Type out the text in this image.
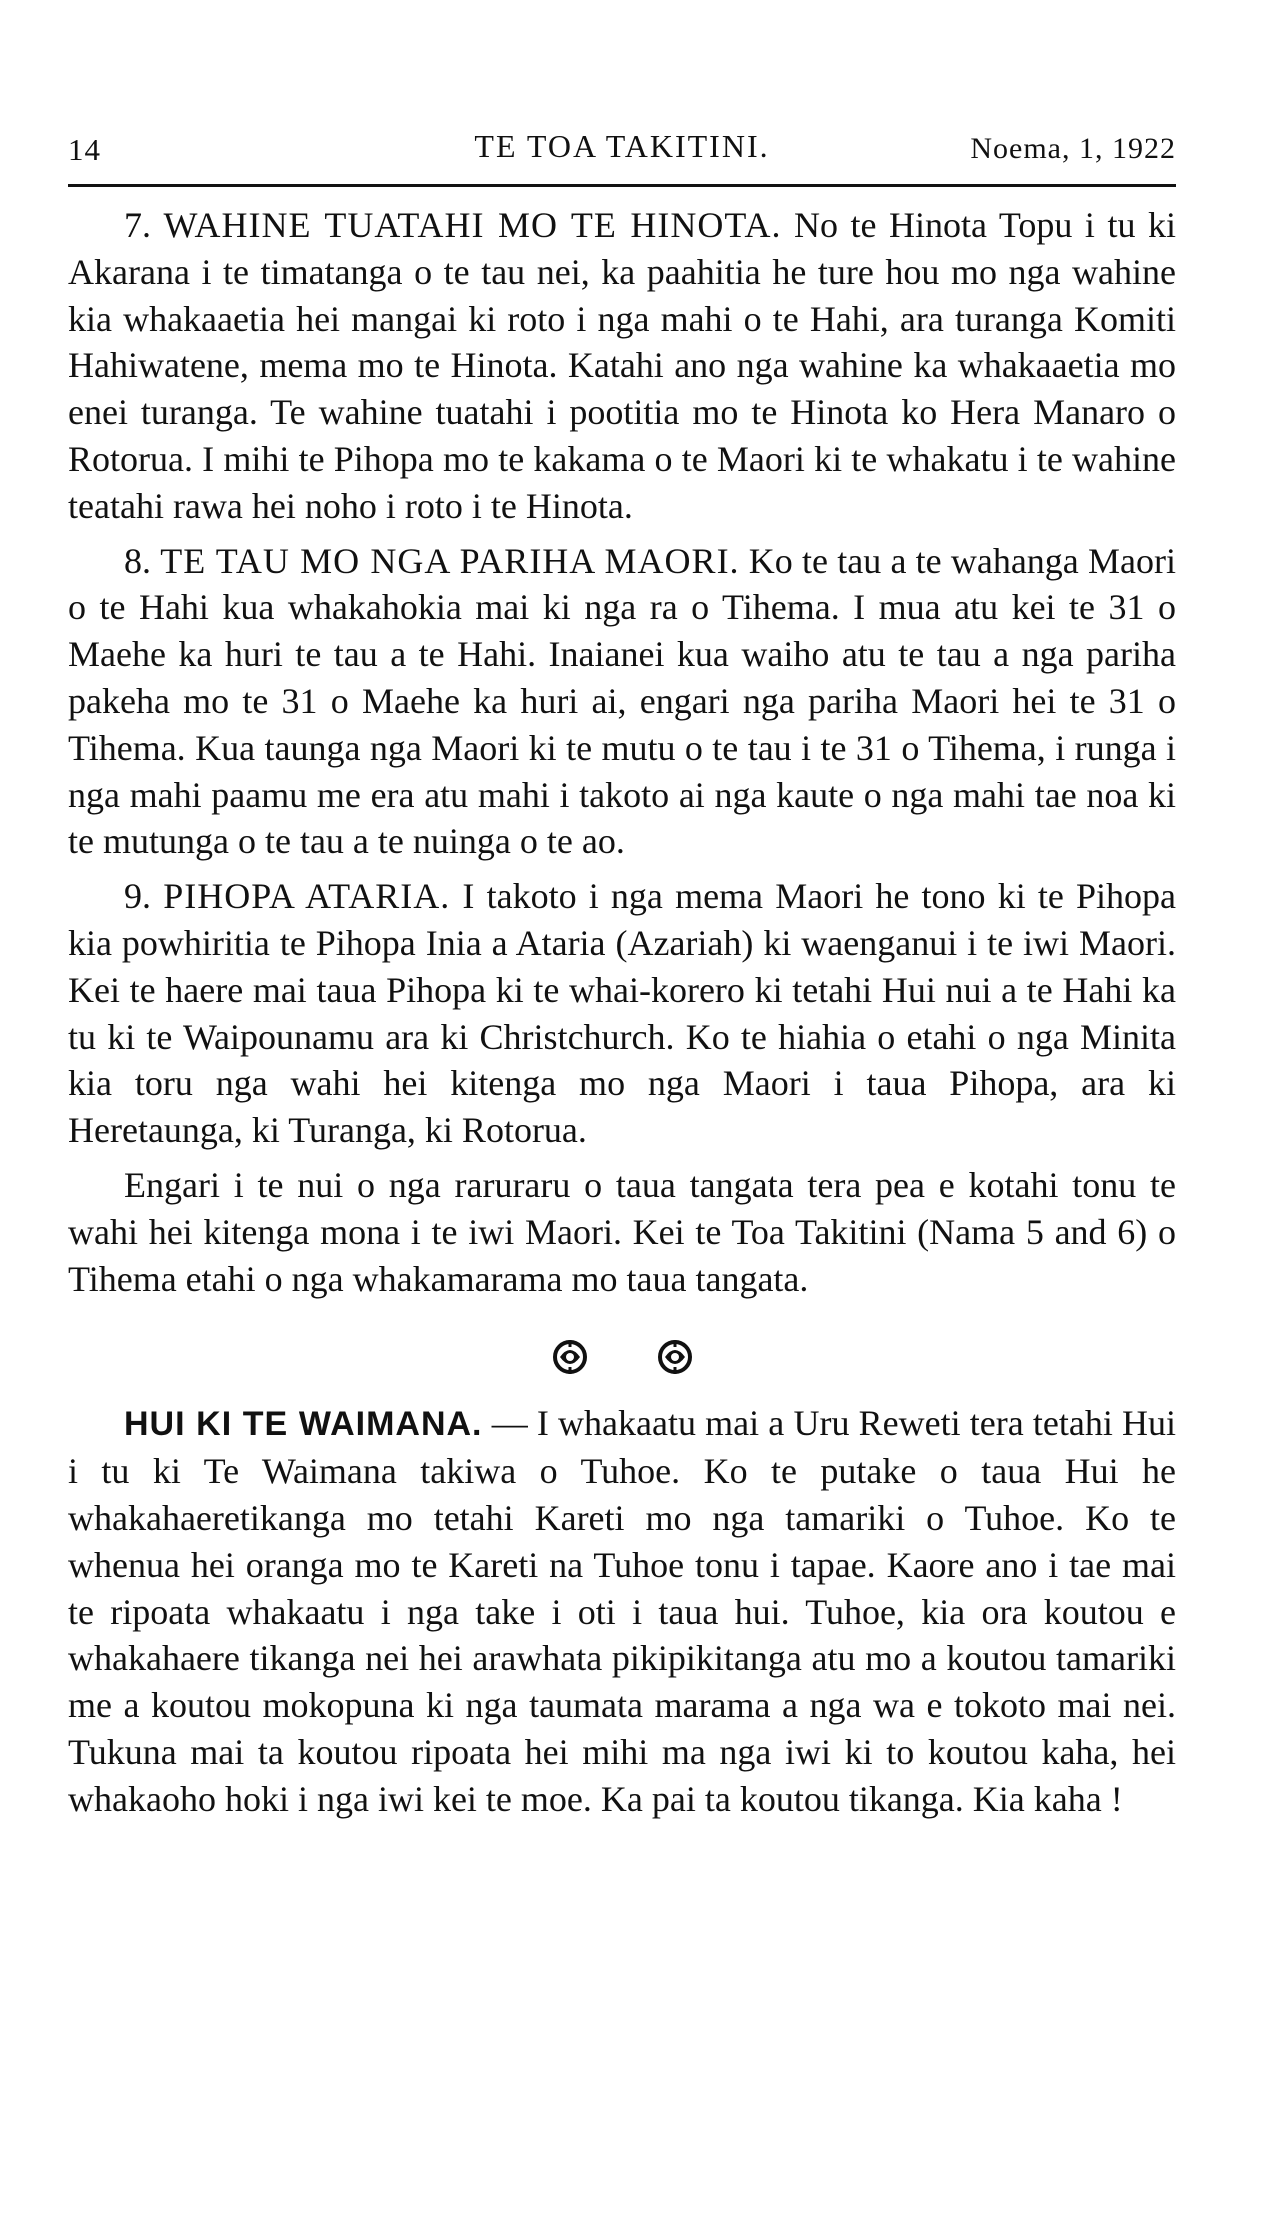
14	TE TOA TAKITINI.	Noema, 1, 1922

7. WAHINE TUATAHI MO TE HINOTA. No te Hinota Topu i tu ki Akarana i te timatanga o te tau nei, ka paahitia he ture hou mo nga wahine kia whakaaetia hei mangai ki roto i nga mahi o te Hahi, ara turanga Komiti Hahiwatene, mema mo te Hinota. Katahi ano nga wahine ka whakaaetia mo enei turanga. Te wahine tuatahi i pootitia mo te Hinota ko Hera Manaro o Rotorua. I mihi te Pihopa mo te kakama o te Maori ki te whakatu i te wahine teatahi rawa hei noho i roto i te Hinota.

8. TE TAU MO NGA PARIHA MAORI. Ko te tau a te wahanga Maori o te Hahi kua whakahokia mai ki nga ra o Tihema. I mua atu kei te 31 o Maehe ka huri te tau a te Hahi. Inaianei kua waiho atu te tau a nga pariha pakeha mo te 31 o Maehe ka huri ai, engari nga pariha Maori hei te 31 o Tihema. Kua taunga nga Maori ki te mutu o te tau i te 31 o Tihema, i runga i nga mahi paamu me era atu mahi i takoto ai nga kaute o nga mahi tae noa ki te mutunga o te tau a te nuinga o te ao.

9. PIHOPA ATARIA. I takoto i nga mema Maori he tono ki te Pihopa kia powhiritia te Pihopa Inia a Ataria (Azariah) ki waenganui i te iwi Maori. Kei te haere mai taua Pihopa ki te whai-korero ki tetahi Hui nui a te Hahi ka tu ki te Waipounamu ara ki Christchurch. Ko te hiahia o etahi o nga Minita kia toru nga wahi hei kitenga mo nga Maori i taua Pihopa, ara ki Heretaunga, ki Turanga, ki Rotorua.

Engari i te nui o nga raruraru o taua tangata tera pea e kotahi tonu te wahi hei kitenga mona i te iwi Maori. Kei te Toa Takitini (Nama 5 and 6) o Tihema etahi o nga whakamarama mo taua tangata.

HUI KI TE WAIMANA. — I whakaatu mai a Uru Reweti tera tetahi Hui i tu ki Te Waimana takiwa o Tuhoe. Ko te putake o taua Hui he whakahaeretikanga mo tetahi Kareti mo nga tamariki o Tuhoe. Ko te whenua hei oranga mo te Kareti na Tuhoe tonu i tapae. Kaore ano i tae mai te ripoata whakaatu i nga take i oti i taua hui. Tuhoe, kia ora koutou e whakahaere tikanga nei hei arawhata pikipikitanga atu mo a koutou tamariki me a koutou mokopuna ki nga taumata marama a nga wa e tokoto mai nei. Tukuna mai ta koutou ripoata hei mihi ma nga iwi ki to koutou kaha, hei whakaoho hoki i nga iwi kei te moe. Ka pai ta koutou tikanga. Kia kaha !
